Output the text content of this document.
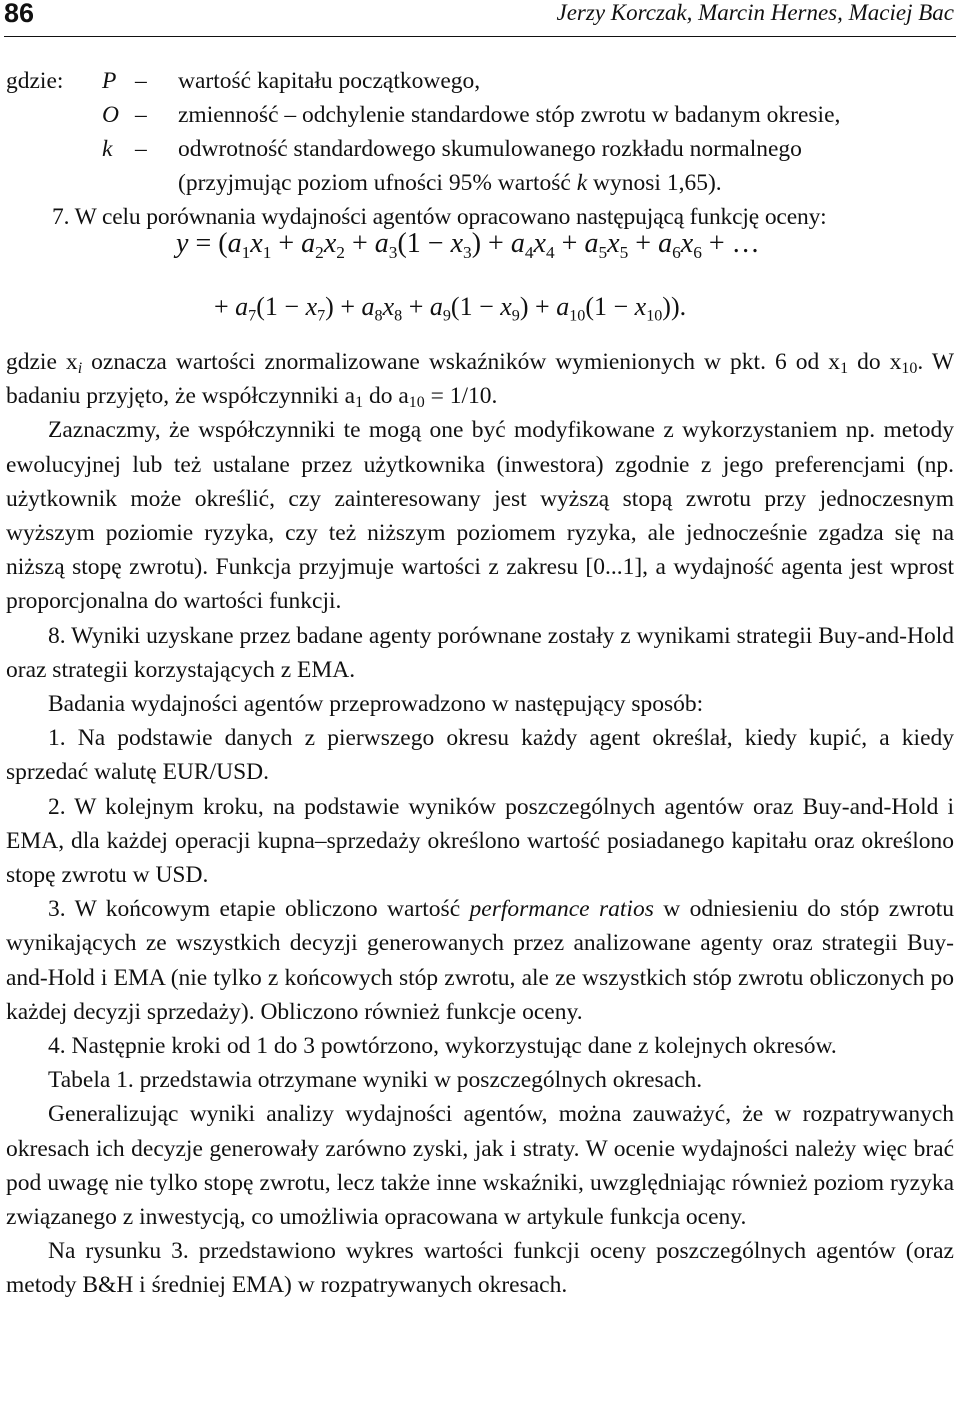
86	Jerzy Korczak, Marcin Hernes, Maciej Bac
gdzie: P – wartość kapitału początkowego,
O – zmienność – odchylenie standardowe stóp zwrotu w badanym okresie,
k – odwrotność standardowego skumulowanego rozkładu normalnego
(przyjmując poziom ufności 95% wartość k wynosi 1,65).
7. W celu porównania wydajności agentów opracowano następującą funkcję oceny:
$y = (a_1x_1 + a_2x_2 + a_3(1 - x_3) + a_4x_4 + a_5x_5 + a_6x_6$ + …
+ $a_7(1 - x_7) + a_8x_8 + a_9(1 - x_9) + a_{10}(1 - x_{10})$).

gdzie $x_i$ oznacza wartości znormalizowane wskaźników wymienionych w pkt. 6 od $x_1$ do $x_{10}$. W badaniu przyjęto, że współczynniki $a_1$ do $a_{10} = 1/10$.

Zaznaczmy, że współczynniki te mogą one być modyfikowane z wykorzystaniem np. metody ewolucyjnej lub też ustalane przez użytkownika (inwestora) zgodnie z jego preferencjami (np. użytkownik może określić, czy zainteresowany jest wyższą stopą zwrotu przy jednoczesnym wyższym poziomie ryzyka, czy też niższym poziomem ryzyka, ale jednocześnie zgadza się na niższą stopę zwrotu). Funkcja przyjmuje wartości z zakresu [0...1], a wydajność agenta jest wprost proporcjonalna do wartości funkcji.

8. Wyniki uzyskane przez badane agenty porównane zostały z wynikami strategii Buy-and-Hold oraz strategii korzystających z EMA.

Badania wydajności agentów przeprowadzono w następujący sposób:

1. Na podstawie danych z pierwszego okresu każdy agent określał, kiedy kupić, a kiedy sprzedać walutę EUR/USD.

2. W kolejnym kroku, na podstawie wyników poszczególnych agentów oraz Buy-and-Hold i EMA, dla każdej operacji kupna–sprzedaży określono wartość posiadanego kapitału oraz określono stopę zwrotu w USD.

3. W końcowym etapie obliczono wartość performance ratios w odniesieniu do stóp zwrotu wynikających ze wszystkich decyzji generowanych przez analizowane agenty oraz strategii Buy-and-Hold i EMA (nie tylko z końcowych stóp zwrotu, ale ze wszystkich stóp zwrotu obliczonych po każdej decyzji sprzedaży). Obliczono również funkcje oceny.

4. Następnie kroki od 1 do 3 powtórzono, wykorzystując dane z kolejnych okresów.

Tabela 1. przedstawia otrzymane wyniki w poszczególnych okresach.

Generalizując wyniki analizy wydajności agentów, można zauważyć, że w rozpatrywanych okresach ich decyzje generowały zarówno zyski, jak i straty. W ocenie wydajności należy więc brać pod uwagę nie tylko stopę zwrotu, lecz także inne wskaźniki, uwzględniając również poziom ryzyka związanego z inwestycją, co umożliwia opracowana w artykule funkcja oceny.

Na rysunku 3. przedstawiono wykres wartości funkcji oceny poszczególnych agentów (oraz metody B&H i średniej EMA) w rozpatrywanych okresach.
